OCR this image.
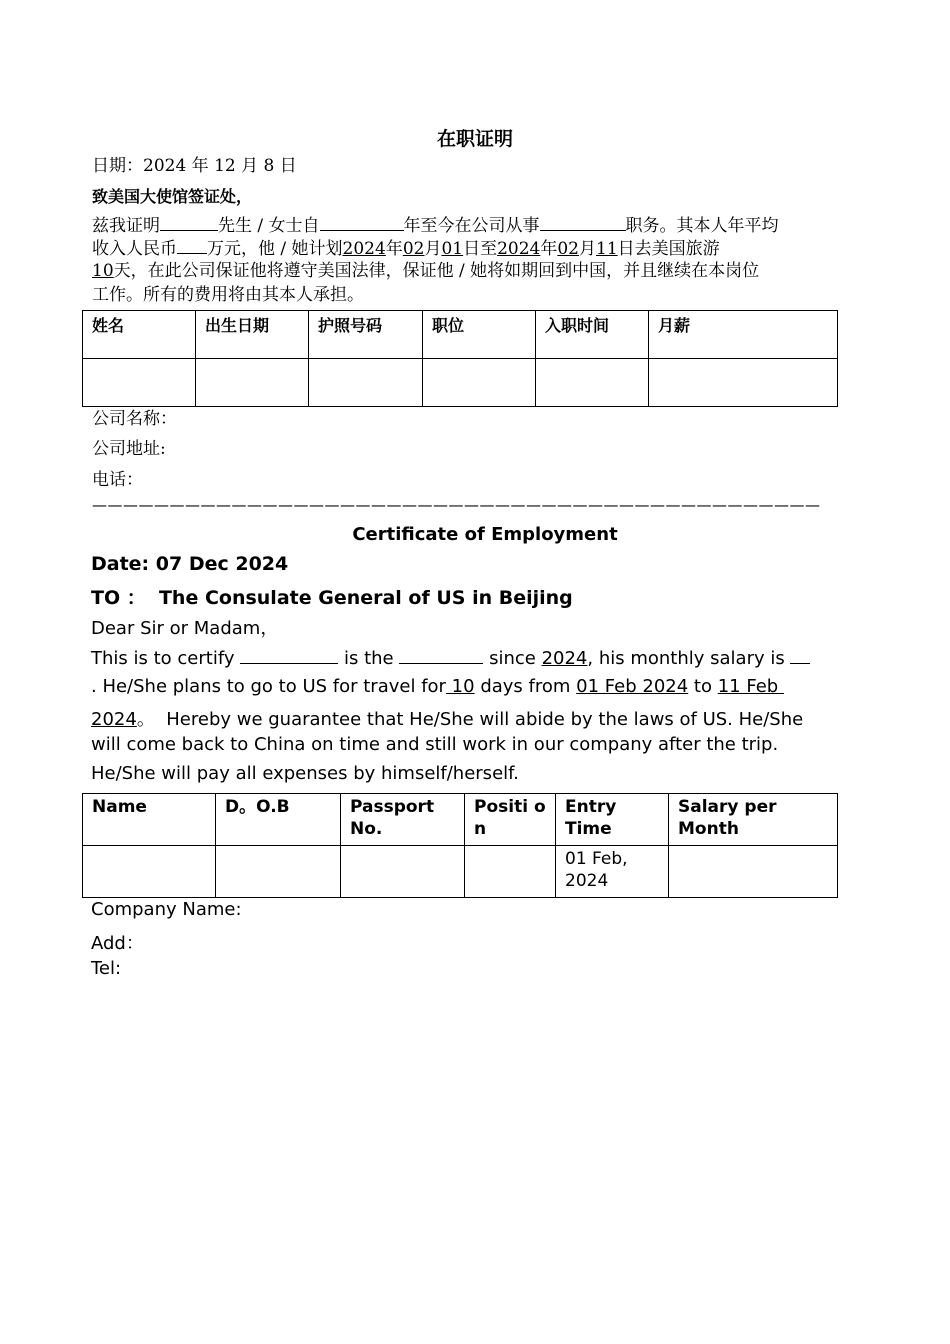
在职证明
日期：2024 年 12 月 8 日
致美国大使馆签证处，
兹我证明	先生 / 女士自	年至今在公司从事	职务。其本人年平均
收入人民币 万元，他 / 她计划2024年02月01日至2024年02月11日去美国旅游
10天，在此公司保证他将遵守美国法律，保证他 / 她将如期回到中国，并且继续在本岗位
工作。所有的费用将由其本人承担。
姓名	出生日期	护照号码	职位	入职时间	月薪

公司名称：
公司地址:
电话：
———————————————————————————————————————————————
Certificate of Employment
Date: 07 Dec 2024
TO ：  The Consulate General of US in Beijing
Dear Sir or Madam，
This is to certify	is the	since 2024, his monthly salary is
. He/She plans to go to US for travel for 10 days from 01 Feb 2024 to 11 Feb
2024。  Hereby we guarantee that He/She will abide by the laws of US. He/She
will come back to China on time and still work in our company after the trip.
He/She will pay all expenses by himself/herself.
Name	D。O.B	Passport No.	Positi on	Entry Time	Salary per Month
				01 Feb, 2024	
Company Name:
Add：
Tel:
